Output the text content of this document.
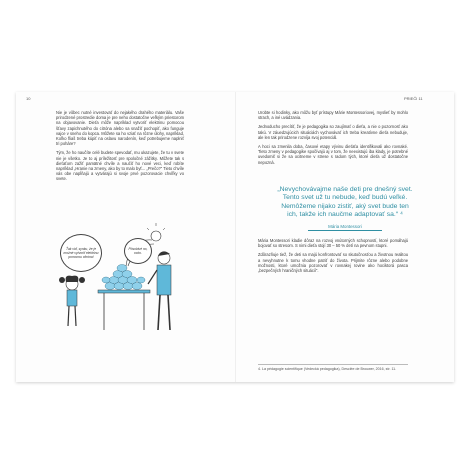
10

Nie je vôbec nutné investovať do nejakého drahého materiálu. Vaše prirodzené prostredie doma je pre neho dostatočne veľkým priestorom na objavovanie. Dieťa môže napríklad vytvoriť elektrinu pomocou šťavy zapichnutého do citróna alebo sa snažiť pochopiť, ako funguje vajce v sneho do kopca. Môžete sa ho vziať na rôzne úlohy, napríklad, Koľko fliaš treba kúpiť na oslavu narodenín, keď potrebujeme naplniť tri poháre?

Tým, že ho naučíte celé budete spevodať, mu ukazujete, že tu v svete nie je všetko. Je to aj príležitosť pre spoločné zážitky. Môžete tak s dieťaťom zažiť pamätné chvíle a naučiť ho nové veci, keď robíte napríklad „Hranie na zmeny, ako by to malo byť... „Prečo?“ Tieto chvíle vás obe napĺňajú a vytvárajú si svoje prvé pozorovacie chvíľky vo svete.

Ťak viď, synku, že je možné vytvoriť elektrinu pomocou citróna!
Pôsobivé no, ocko.
PRIEČI 11

Urobte si hodinky, ako môžu byť prístupy Márie Montessoriovej, myslieť by mohlo strach, a iné uvádzania.

Jednoducho precítiť, že je pedagogika so zaujímať o dieťa, a nie o pozornosť ako takú. V záuedzujúcich situáciách vychovávať ich treba kreatívne dieťa nebuduje, ale len tak prirodzene rozvíja svoj potenciál.

A hoci sa zmenila doba, časové etapy vývinu dieťaťa identifikovali ako rovnaké. Tieto zmeny v pedagogike spočívajú aj v tom, že neexistujú iba klady, je potrebné uvedomiť si že sa ocitneme v strese s radom tých, ktoré dieťa už dostatočne nepozná.

„Nevychovávajme naše deti pre dnešný svet. Tento svet už tu nebude, keď budú veľké. Nemôžeme nijako zistiť, aký svet bude ten ich, takže ich naučme adaptovať sa.“ ⁴
Mária Montessori

Mária Montessori kladie dôraz na rozvoj vnútorných schopností, ktoré pomáhajú bojovať so stresom. S nimi dieťa stojí 30 – 50 % detí na pevnom stupni.

Zdôrazňuje tiež, že deti sa majú konfrontovať so skutočnosťou a životnou realitou a nevyhnutne k tomu vhodne patriť do života. Prijmite rôzne alebo podobne možnosti, ktoré umožnia pozorovať v rovnakej rovine ako hociktorá pasca „bezpečných hraničných situácií“.

4. La pédagogie scientifique (Vedecká pedagogika), Desclée de Brouwer, 2016, str. 11.
